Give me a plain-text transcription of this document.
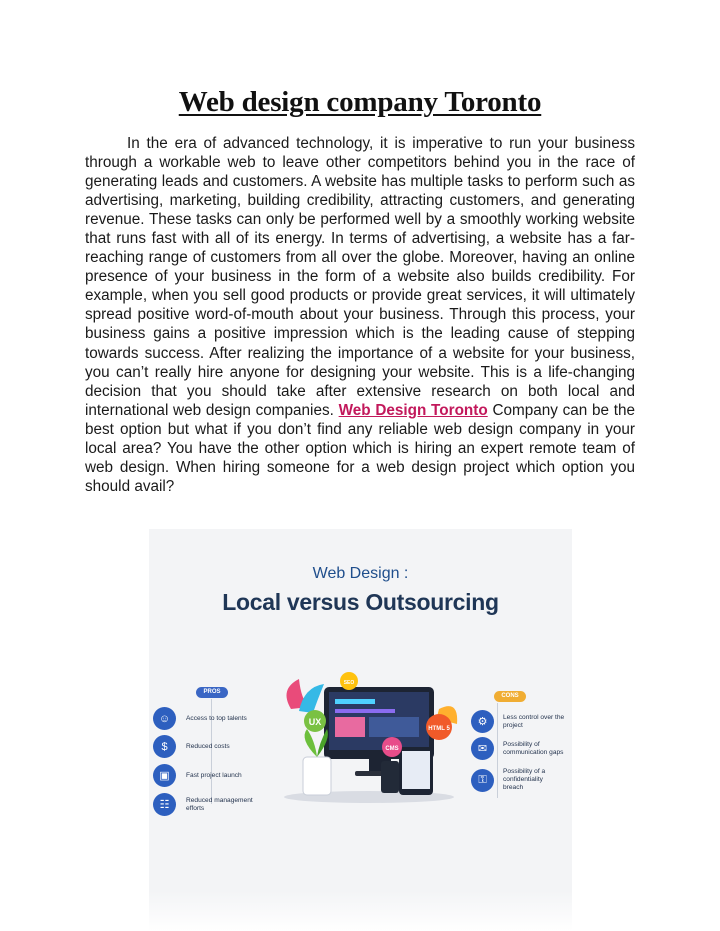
Web design company Toronto
In the era of advanced technology, it is imperative to run your business through a workable web to leave other competitors behind you in the race of generating leads and customers. A website has multiple tasks to perform such as advertising, marketing, building credibility, attracting customers, and generating revenue. These tasks can only be performed well by a smoothly working website that runs fast with all of its energy. In terms of advertising, a website has a far-reaching range of customers from all over the globe. Moreover, having an online presence of your business in the form of a website also builds credibility. For example, when you sell good products or provide great services, it will ultimately spread positive word-of-mouth about your business. Through this process, your business gains a positive impression which is the leading cause of stepping towards success. After realizing the importance of a website for your business, you can’t really hire anyone for designing your website. This is a life-changing decision that you should take after extensive research on both local and international web design companies. Web Design Toronto Company can be the best option but what if you don’t find any reliable web design company in your local area? You have the other option which is hiring an expert remote team of web design. When hiring someone for a web design project which option you should avail?
Web Design :
Local versus Outsourcing
PROS
CONS
☺	Access to top talents
$	Reduced costs
▣	Fast project launch
☷	Reduced management efforts
⚙	Less control over the project
✉	Possibility of communication gaps
⚿
Possibility of a confidentiality breach
UX
CMS
HTML 5
SEO
